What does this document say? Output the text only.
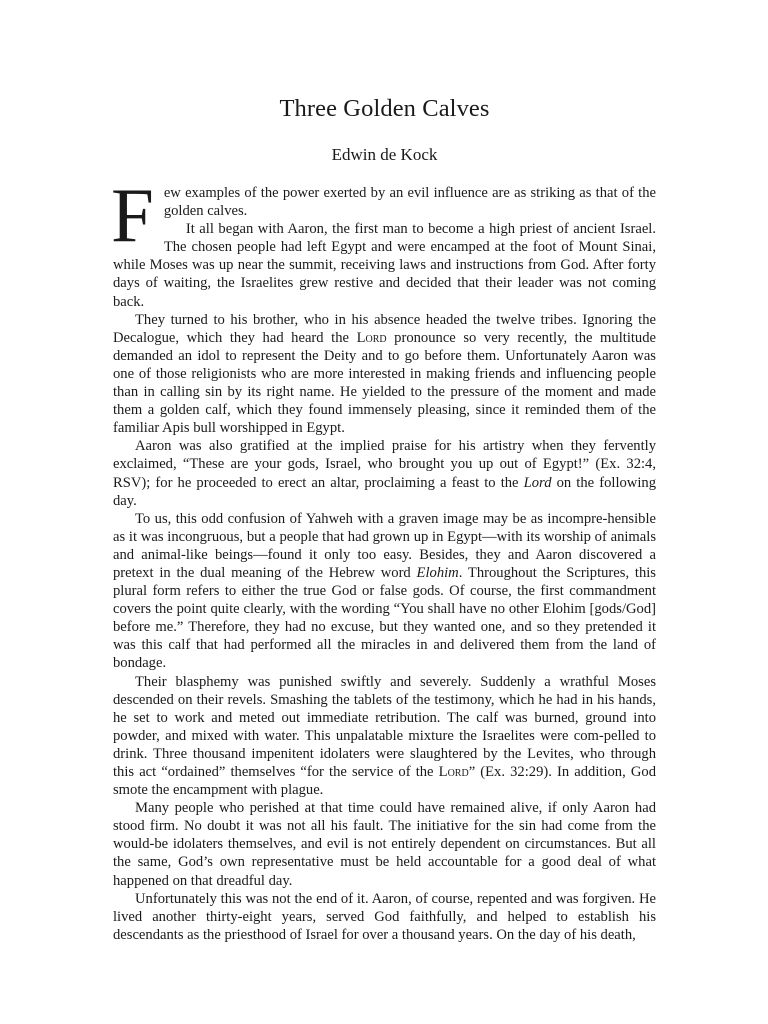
Three Golden Calves
Edwin de Kock

Few examples of the power exerted by an evil influence are as striking as that of the golden calves.

It all began with Aaron, the first man to become a high priest of ancient Israel. The chosen people had left Egypt and were encamped at the foot of Mount Sinai, while Moses was up near the summit, receiving laws and instructions from God. After forty days of waiting, the Israelites grew restive and decided that their leader was not coming back.

They turned to his brother, who in his absence headed the twelve tribes. Ignoring the Decalogue, which they had heard the Lord pronounce so very recently, the multitude demanded an idol to represent the Deity and to go before them. Unfortunately Aaron was one of those religionists who are more interested in making friends and influencing people than in calling sin by its right name. He yielded to the pressure of the moment and made them a golden calf, which they found immensely pleasing, since it reminded them of the familiar Apis bull worshipped in Egypt.

Aaron was also gratified at the implied praise for his artistry when they fervently exclaimed, “These are your gods, Israel, who brought you up out of Egypt!” (Ex. 32:4, RSV); for he proceeded to erect an altar, proclaiming a feast to the Lord on the following day.

To us, this odd confusion of Yahweh with a graven image may be as incompre-hensible as it was incongruous, but a people that had grown up in Egypt—with its worship of animals and animal-like beings—found it only too easy. Besides, they and Aaron discovered a pretext in the dual meaning of the Hebrew word Elohim. Throughout the Scriptures, this plural form refers to either the true God or false gods. Of course, the first commandment covers the point quite clearly, with the wording “You shall have no other Elohim [gods/God] before me.” Therefore, they had no excuse, but they wanted one, and so they pretended it was this calf that had performed all the miracles in and delivered them from the land of bondage.

Their blasphemy was punished swiftly and severely. Suddenly a wrathful Moses descended on their revels. Smashing the tablets of the testimony, which he had in his hands, he set to work and meted out immediate retribution. The calf was burned, ground into powder, and mixed with water. This unpalatable mixture the Israelites were com-pelled to drink. Three thousand impenitent idolaters were slaughtered by the Levites, who through this act “ordained” themselves “for the service of the Lord” (Ex. 32:29). In addition, God smote the encampment with plague.

Many people who perished at that time could have remained alive, if only Aaron had stood firm. No doubt it was not all his fault. The initiative for the sin had come from the would-be idolaters themselves, and evil is not entirely dependent on circumstances. But all the same, God’s own representative must be held accountable for a good deal of what happened on that dreadful day.

Unfortunately this was not the end of it. Aaron, of course, repented and was forgiven. He lived another thirty-eight years, served God faithfully, and helped to establish his descendants as the priesthood of Israel for over a thousand years. On the day of his death,
